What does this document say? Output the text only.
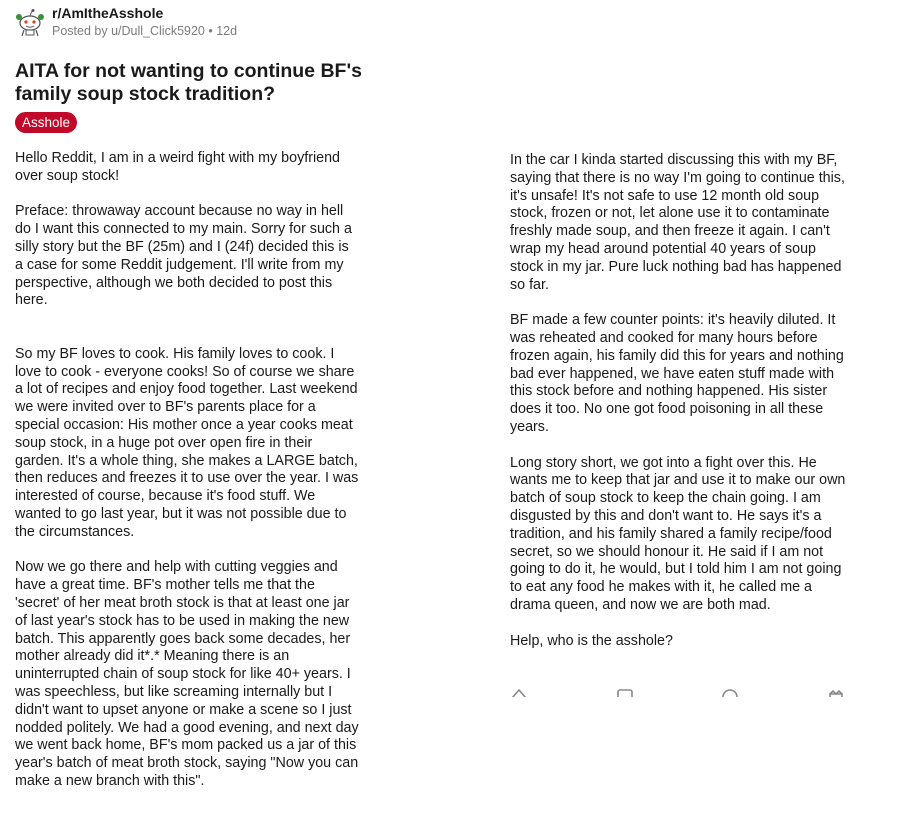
r/AmItheAsshole
Posted by u/Dull_Click5920 • 12d
AITA for not wanting to continue BF's family soup stock tradition?
Asshole

Hello Reddit, I am in a weird fight with my boyfriend over soup stock!

Preface: throwaway account because no way in hell do I want this connected to my main. Sorry for such a silly story but the BF (25m) and I (24f) decided this is a case for some Reddit judgement. I'll write from my perspective, although we both decided to post this here.

So my BF loves to cook. His family loves to cook. I love to cook - everyone cooks! So of course we share a lot of recipes and enjoy food together. Last weekend we were invited over to BF's parents place for a special occasion: His mother once a year cooks meat soup stock, in a huge pot over open fire in their garden. It's a whole thing, she makes a LARGE batch, then reduces and freezes it to use over the year. I was interested of course, because it's food stuff. We wanted to go last year, but it was not possible due to the circumstances.

Now we go there and help with cutting veggies and have a great time. BF's mother tells me that the 'secret' of her meat broth stock is that at least one jar of last year's stock has to be used in making the new batch. This apparently goes back some decades, her mother already did it*.* Meaning there is an uninterrupted chain of soup stock for like 40+ years. I was speechless, but like screaming internally but I didn't want to upset anyone or make a scene so I just nodded politely. We had a good evening, and next day we went back home, BF's mom packed us a jar of this year's batch of meat broth stock, saying "Now you can make a new branch with this".

In the car I kinda started discussing this with my BF, saying that there is no way I'm going to continue this, it's unsafe! It's not safe to use 12 month old soup stock, frozen or not, let alone use it to contaminate freshly made soup, and then freeze it again. I can't wrap my head around potential 40 years of soup stock in my jar. Pure luck nothing bad has happened so far.

BF made a few counter points: it's heavily diluted. It was reheated and cooked for many hours before frozen again, his family did this for years and nothing bad ever happened, we have eaten stuff made with this stock before and nothing happened. His sister does it too. No one got food poisoning in all these years.

Long story short, we got into a fight over this. He wants me to keep that jar and use it to make our own batch of soup stock to keep the chain going. I am disgusted by this and don't want to. He says it's a tradition, and his family shared a family recipe/food secret, so we should honour it. He said if I am not going to do it, he would, but I told him I am not going to eat any food he makes with it, he called me a drama queen, and now we are both mad.

Help, who is the asshole?
